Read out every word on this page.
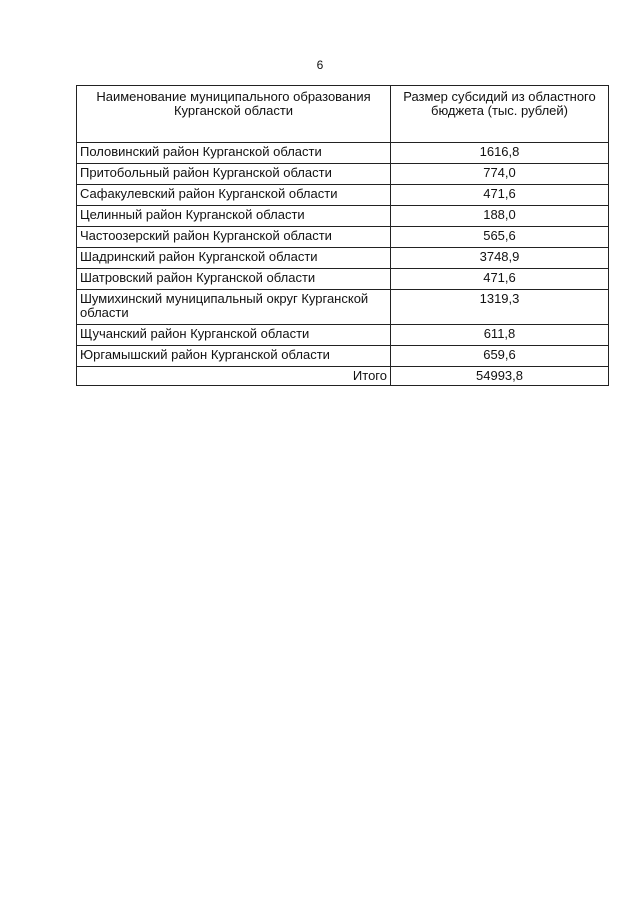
6
Наименование муниципального образования Курганской области	Размер субсидий из областного бюджета (тыс. рублей)
Половинский район Курганской области	1616,8
Притобольный район Курганской области	774,0
Сафакулевский район Курганской области	471,6
Целинный район Курганской области	188,0
Частоозерский район Курганской области	565,6
Шадринский район Курганской области	3748,9
Шатровский район Курганской области	471,6
Шумихинский муниципальный округ Курганской области	1319,3
Щучанский район Курганской области	611,8
Юргамышский район Курганской области	659,6
Итого	54993,8
